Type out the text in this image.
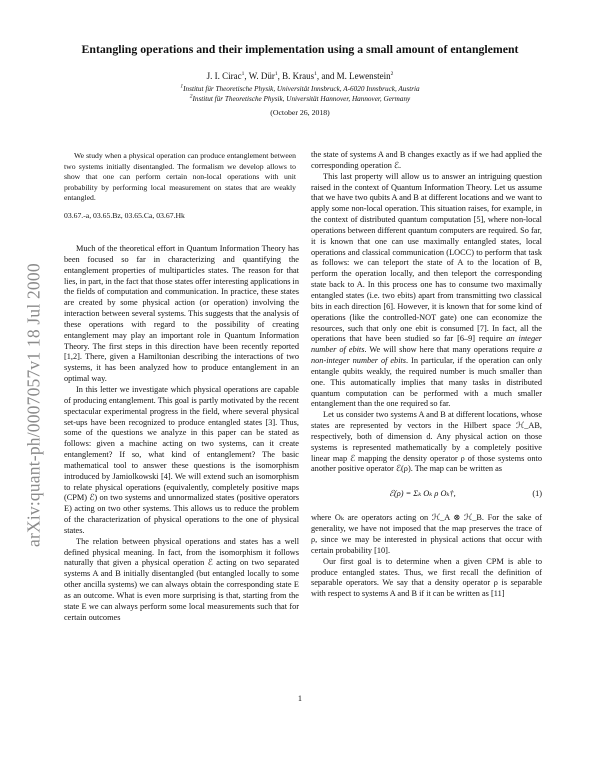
arXiv:quant-ph/0007057v1 18 Jul 2000
Entangling operations and their implementation using a small amount of entanglement
J. I. Cirac$^1$, W. Dür$^1$, B. Kraus$^1$, and M. Lewenstein$^2$
$^1$Institut für Theoretische Physik, Universität Innsbruck, A-6020 Innsbruck, Austria
$^2$Institut für Theoretische Physik, Universität Hannover, Hannover, Germany
(October 26, 2018)
We study when a physical operation can produce entanglement between two systems initially disentangled. The formalism we develop allows to show that one can perform certain non-local operations with unit probability by performing local measurement on states that are weakly entangled.
03.67.-a, 03.65.Bz, 03.65.Ca, 03.67.Hk

Much of the theoretical effort in Quantum Information Theory has been focused so far in characterizing and quantifying the entanglement properties of multiparticles states. The reason for that lies, in part, in the fact that those states offer interesting applications in the fields of computation and communication. In practice, these states are created by some physical action (or operation) involving the interaction between several systems. This suggests that the analysis of these operations with regard to the possibility of creating entanglement may play an important role in Quantum Information Theory. The first steps in this direction have been recently reported [1,2]. There, given a Hamiltonian describing the interactions of two systems, it has been analyzed how to produce entanglement in an optimal way.

In this letter we investigate which physical operations are capable of producing entanglement. This goal is partly motivated by the recent spectacular experimental progress in the field, where several physical set-ups have been recognized to produce entangled states [3]. Thus, some of the questions we analyze in this paper can be stated as follows: given a machine acting on two systems, can it create entanglement? If so, what kind of entanglement? The basic mathematical tool to answer these questions is the isomorphism introduced by Jamiolkowski [4]. We will extend such an isomorphism to relate physical operations (equivalently, completely positive maps (CPM) ℰ) on two systems and unnormalized states (positive operators E) acting on two other systems. This allows us to reduce the problem of the characterization of physical operations to the one of physical states.

The relation between physical operations and states has a well defined physical meaning. In fact, from the isomorphism it follows naturally that given a physical operation ℰ acting on two separated systems A and B initially disentangled (but entangled locally to some other ancilla systems) we can always obtain the corresponding state E as an outcome. What is even more surprising is that, starting from the state E we can always perform some local measurements such that for certain outcomes

the state of systems A and B changes exactly as if we had applied the corresponding operation ℰ.

This last property will allow us to answer an intriguing question raised in the context of Quantum Information Theory. Let us assume that we have two qubits A and B at different locations and we want to apply some non-local operation. This situation raises, for example, in the context of distributed quantum computation [5], where non-local operations between different quantum computers are required. So far, it is known that one can use maximally entangled states, local operations and classical communication (LOCC) to perform that task as follows: we can teleport the state of A to the location of B, perform the operation locally, and then teleport the corresponding state back to A. In this process one has to consume two maximally entangled states (i.e. two ebits) apart from transmitting two classical bits in each direction [6]. However, it is known that for some kind of operations (like the controlled-NOT gate) one can economize the resources, such that only one ebit is consumed [7]. In fact, all the operations that have been studied so far [6–9] require an integer number of ebits. We will show here that many operations require a non-integer number of ebits. In particular, if the operation can only entangle qubits weakly, the required number is much smaller than one. This automatically implies that many tasks in distributed quantum computation can be performed with a much smaller entanglement than the one required so far.

Let us consider two systems A and B at different locations, whose states are represented by vectors in the Hilbert space ℋ_AB, respectively, both of dimension d. Any physical action on those systems is represented mathematically by a completely positive linear map ℰ mapping the density operator ρ of those systems onto another positive operator ℰ(ρ). The map can be written as

ℰ(ρ) = Σₖ Oₖ ρ Oₖ†,	(1)

where Oₖ are operators acting on ℋ_A ⊗ ℋ_B. For the sake of generality, we have not imposed that the map preserves the trace of ρ, since we may be interested in physical actions that occur with certain probability [10].

Our first goal is to determine when a given CPM is able to produce entangled states. Thus, we first recall the definition of separable operators. We say that a density operator ρ is separable with respect to systems A and B if it can be written as [11]

1
